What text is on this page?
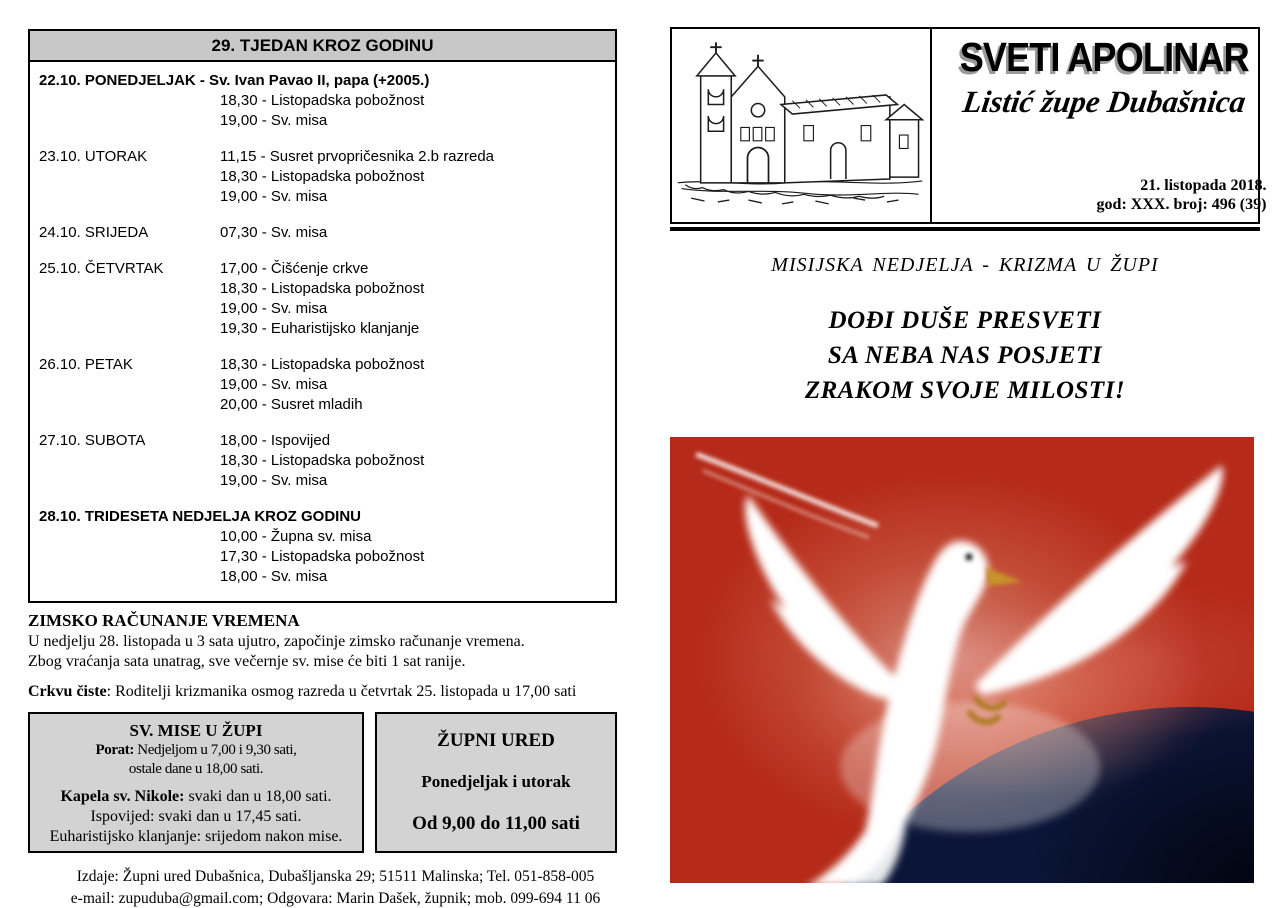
29. TJEDAN KROZ GODINU
22.10. PONEDJELJAK - Sv. Ivan Pavao II, papa (+2005.)
18,30 - Listopadska pobožnost
19,00 - Sv. misa
23.10. UTORAK	11,15 - Susret prvopričesnika 2.b razreda
18,30 - Listopadska pobožnost
19,00 - Sv. misa
24.10. SRIJEDA	07,30 - Sv. misa
25.10. ČETVRTAK	17,00 - Čišćenje crkve
18,30 - Listopadska pobožnost
19,00 - Sv. misa
19,30 - Euharistijsko klanjanje
26.10. PETAK	18,30 - Listopadska pobožnost
19,00 - Sv. misa
20,00 - Susret mladih
27.10. SUBOTA	18,00 - Ispovijed
18,30 - Listopadska pobožnost
19,00 - Sv. misa
28.10. TRIDESETA NEDJELJA KROZ GODINU
10,00 - Župna sv. misa
17,30 - Listopadska pobožnost
18,00 - Sv. misa
ZIMSKO RAČUNANJE VREMENA
U nedjelju 28. listopada u 3 sata ujutro, započinje zimsko računanje vremena.
Zbog vraćanja sata unatrag, sve večernje sv. mise će biti 1 sat ranije.
Crkvu čiste: Roditelji krizmanika osmog razreda u četvrtak 25. listopada u 17,00 sati
SV. MISE U ŽUPI
Porat: Nedjeljom u 7,00 i 9,30 sati,
ostale dane u 18,00 sati.
Kapela sv. Nikole: svaki dan u 18,00 sati.
Ispovijed: svaki dan u 17,45 sati.
Euharistijsko klanjanje: srijedom nakon mise.
ŽUPNI URED
Ponedjeljak i utorak
Od 9,00 do 11,00 sati
Izdaje: Župni ured Dubašnica, Dubašljanska 29; 51511 Malinska; Tel. 051-858-005
e-mail: zupuduba@gmail.com; Odgovara: Marin Dašek, župnik; mob. 099-694 11 06
SVETI APOLINAR
Listić župe Dubašnica
21. listopada 2018.
god: XXX. broj: 496 (39)
MISIJSKA NEDJELJA - KRIZMA U ŽUPI
DOĐI DUŠE PRESVETI
SA NEBA NAS POSJETI
ZRAKOM SVOJE MILOSTI!
